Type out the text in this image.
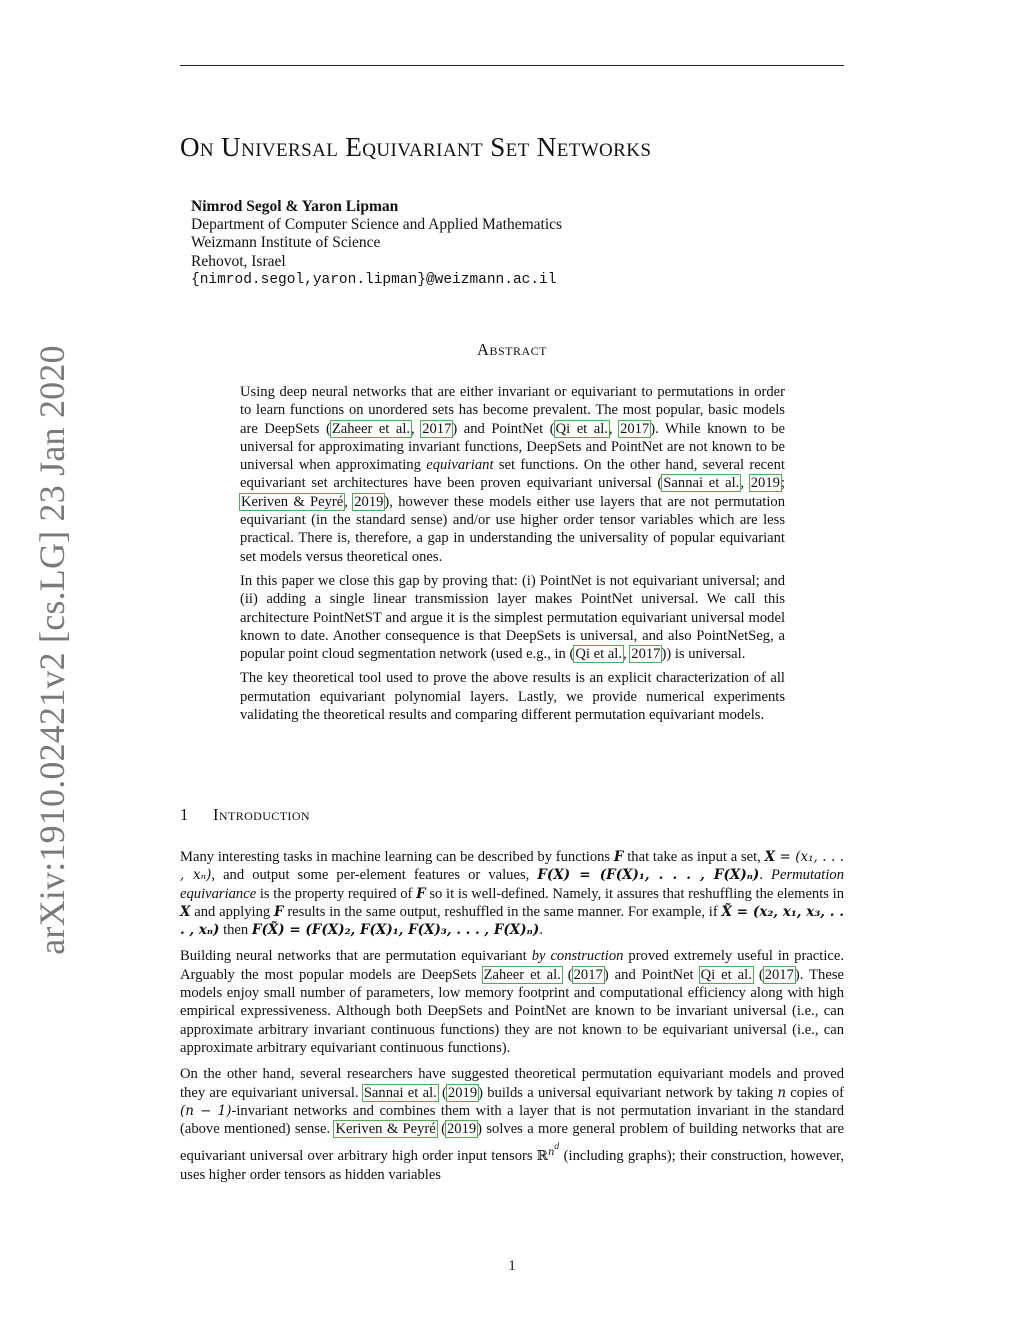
arXiv:1910.02421v2 [cs.LG] 23 Jan 2020
On Universal Equivariant Set Networks
Nimrod Segol & Yaron Lipman
Department of Computer Science and Applied Mathematics
Weizmann Institute of Science
Rehovot, Israel
{nimrod.segol,yaron.lipman}@weizmann.ac.il
Abstract

Using deep neural networks that are either invariant or equivariant to permutations in order to learn functions on unordered sets has become prevalent. The most popular, basic models are DeepSets (Zaheer et al., 2017) and PointNet (Qi et al., 2017). While known to be universal for approximating invariant functions, DeepSets and PointNet are not known to be universal when approximating equivariant set functions. On the other hand, several recent equivariant set architectures have been proven equivariant universal (Sannai et al., 2019; Keriven & Peyré, 2019), however these models either use layers that are not permutation equivariant (in the standard sense) and/or use higher order tensor variables which are less practical. There is, therefore, a gap in understanding the universality of popular equivariant set models versus theoretical ones.

In this paper we close this gap by proving that: (i) PointNet is not equivariant universal; and (ii) adding a single linear transmission layer makes PointNet universal. We call this architecture PointNetST and argue it is the simplest permutation equivariant universal model known to date. Another consequence is that DeepSets is universal, and also PointNetSeg, a popular point cloud segmentation network (used e.g., in (Qi et al., 2017)) is universal.

The key theoretical tool used to prove the above results is an explicit characterization of all permutation equivariant polynomial layers. Lastly, we provide numerical experiments validating the theoretical results and comparing different permutation equivariant models.

1 Introduction

Many interesting tasks in machine learning can be described by functions F that take as input a set, X = (x₁, . . . , xₙ), and output some per-element features or values, F(X) = (F(X)₁, . . . , F(X)ₙ). Permutation equivariance is the property required of F so it is well-defined. Namely, it assures that reshuffling the elements in X and applying F results in the same output, reshuffled in the same manner. For example, if X̃ = (x₂, x₁, x₃, . . . , xₙ) then F(X̃) = (F(X)₂, F(X)₁, F(X)₃, . . . , F(X)ₙ).

Building neural networks that are permutation equivariant by construction proved extremely useful in practice. Arguably the most popular models are DeepSets Zaheer et al. (2017) and PointNet Qi et al. (2017). These models enjoy small number of parameters, low memory footprint and computational efficiency along with high empirical expressiveness. Although both DeepSets and PointNet are known to be invariant universal (i.e., can approximate arbitrary invariant continuous functions) they are not known to be equivariant universal (i.e., can approximate arbitrary equivariant continuous functions).

On the other hand, several researchers have suggested theoretical permutation equivariant models and proved they are equivariant universal. Sannai et al. (2019) builds a universal equivariant network by taking n copies of (n − 1)-invariant networks and combines them with a layer that is not permutation invariant in the standard (above mentioned) sense. Keriven & Peyré (2019) solves a more general problem of building networks that are equivariant universal over arbitrary high order input tensors ℝ$^{n^d}$ (including graphs); their construction, however, uses higher order tensors as hidden variables

1
